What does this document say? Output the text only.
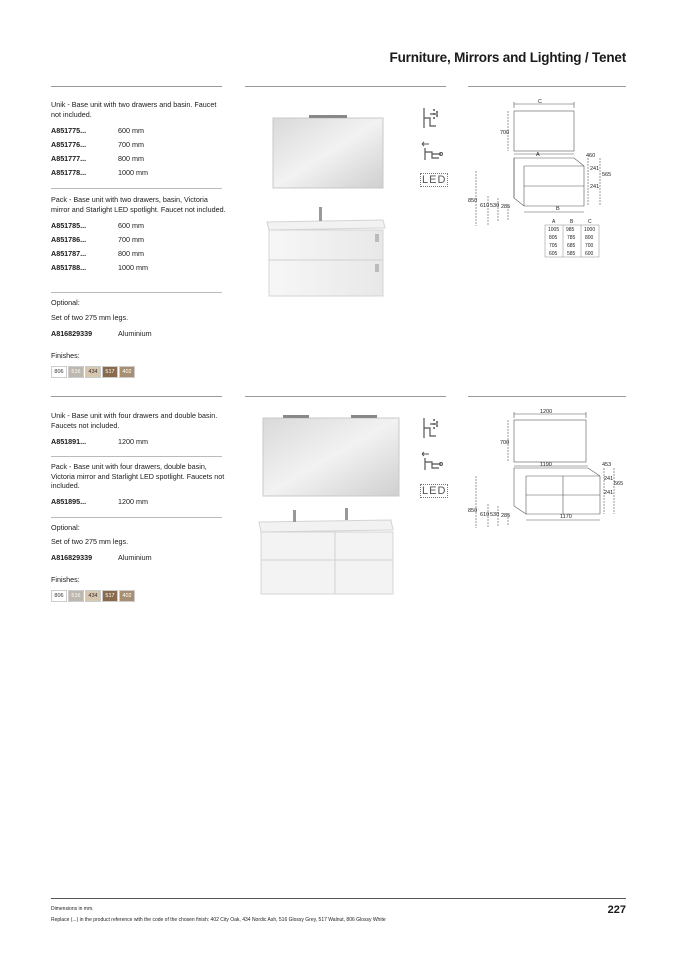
Furniture, Mirrors and Lighting / Tenet
Unik - Base unit with two drawers and basin. Faucet not included.
A851775...	600 mm
A851776...	700 mm
A851777...	800 mm
A851778...	1000 mm
Pack - Base unit with two drawers, basin, Victoria mirror and Starlight LED spotlight. Faucet not included.
A851785...	600 mm
A851786...	700 mm
A851787...	800 mm
A851788...	1000 mm
Optional:
Set of two 275 mm legs.
A816829339	Aluminium
Finishes:
806	516	434	517	402
LED
C
700
A	460
241
565
241
850
610 530 285	B
A	B	C
1005 985 1000
805 785 800
705 685 700
605 585 600
Unik - Base unit with four drawers and double basin. Faucets not included.
A851891...	1200 mm
Pack - Base unit with four drawers, double basin, Victoria mirror and Starlight LED spotlight. Faucets not included.
A851895...	1200 mm
Optional:
Set of two 275 mm legs.
A816829339	Aluminium
Finishes:
806	516	434	517	402
LED
1200
700
1190	453
241
565
241
850
610 530 285	1170
Dimensions in mm.
Replace (...) in the product reference with the code of the chosen finish: 402 City Oak, 434 Nordic Ash, 516 Glossy Grey, 517 Walnut, 806 Glossy White
227
